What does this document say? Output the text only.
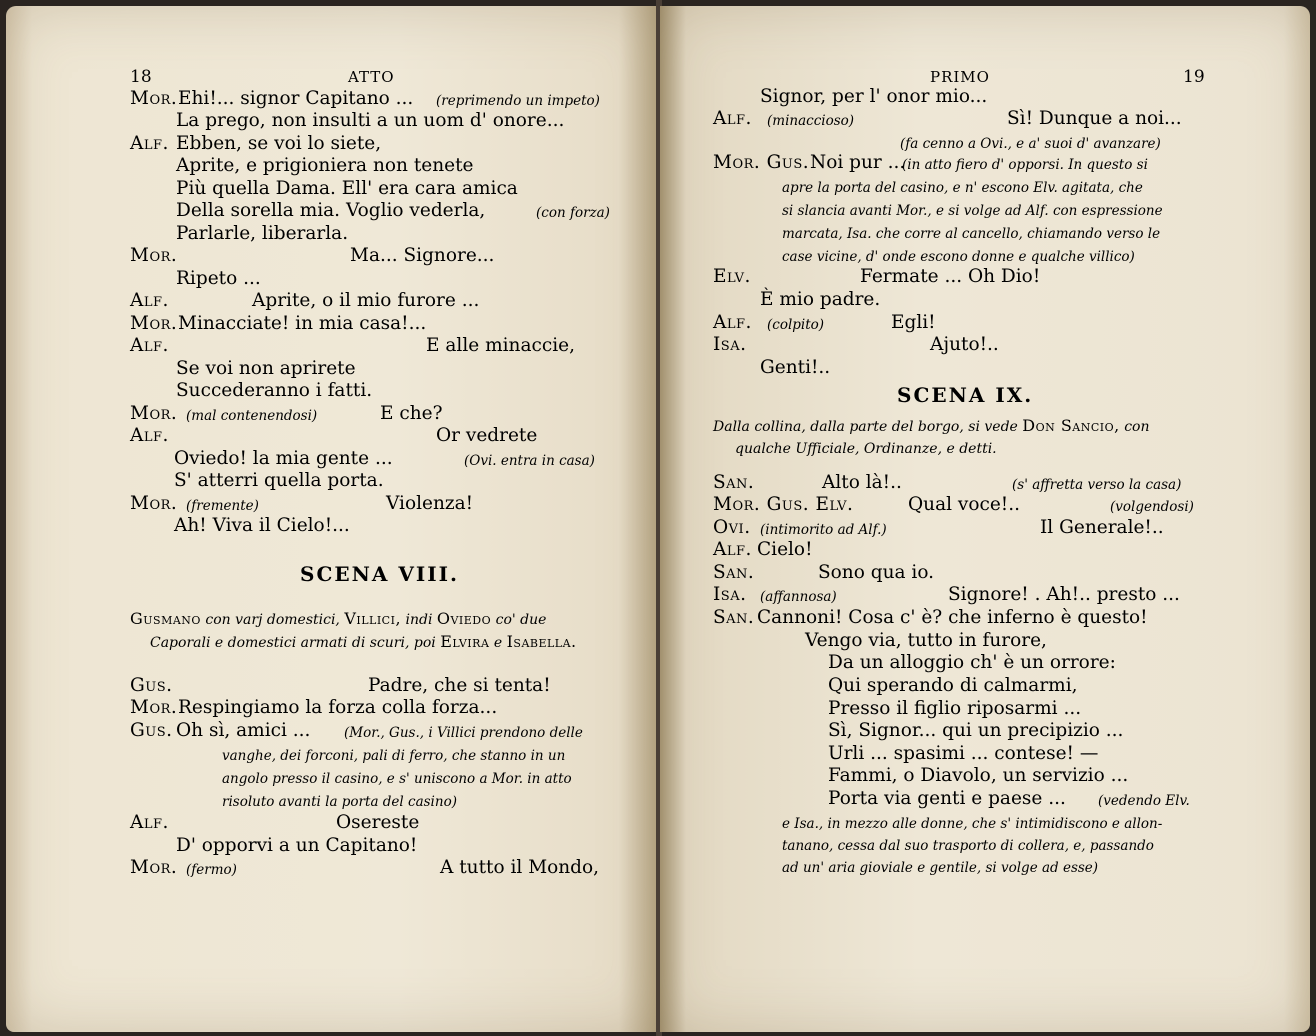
18	ATTO
SCENA VIII.
Gusmano con varj domestici, Villici, indi Oviedo co' due
Caporali e domestici armati di scuri, poi Elvira e Isabella.
PRIMO	19
SCENA IX.
Dalla collina, dalla parte del borgo, si vede Don Sancio, con
qualche Ufficiale, Ordinanze, e detti.
Mor. Ehi!... signor Capitano ... (reprimendo un impeto)
La prego, non insulti a un uom d' onore...
Alf. Ebben, se voi lo siete,
Aprite, e prigioniera non tenete
Più quella Dama. Ell' era cara amica
Della sorella mia. Voglio vederla,	(con forza)
Parlarle, liberarla.
Mor.	Ma... Signore...
Ripeto ...
Alf.	Aprite, o il mio furore ...
Mor. Minacciate! in mia casa!...
Alf.	E alle minaccie,
Se voi non aprirete
Succederanno i fatti.
Mor.	E che?
(mal contenendosi)
Alf.	Or vedrete
Oviedo! la mia gente ...	(Ovi. entra in casa)
S' atterri quella porta.
Mor.	Violenza!
(fremente)
Ah! Viva il Cielo!...
Gus.	Padre, che si tenta!
Mor. Respingiamo la forza colla forza...
Gus. Oh sì, amici ... (Mor., Gus., i Villici prendono delle
vanghe, dei forconi, pali di ferro, che stanno in un
angolo presso il casino, e s' uniscono a Mor. in atto
risoluto avanti la porta del casino)
Alf.	Osereste
D' opporvi a un Capitano!
Mor.	A tutto il Mondo,
(fermo)
Signor, per l' onor mio...
Alf.	Sì! Dunque a noi...
(minaccioso)
(fa cenno a Ovi., e a' suoi d' avanzare)
Mor. Gus. Noi pur ...
(in atto fiero d' opporsi. In questo si
apre la porta del casino, e n' escono Elv. agitata, che
si slancia avanti Mor., e si volge ad Alf. con espressione
marcata, Isa. che corre al cancello, chiamando verso le
case vicine, d' onde escono donne e qualche villico)
Elv.	Fermate ... Oh Dio!
È mio padre.
Alf.	Egli!
(colpito)
Isa.	Ajuto!..
Genti!..
San.	Alto là!..	(s' affretta verso la casa)
Mor. Gus. Elv.	Qual voce!..	(volgendosi)
Ovi.	Il Generale!..
(intimorito ad Alf.)
Alf. Cielo!
San.	Sono qua io.
Isa.	Signore! . Ah!.. presto ...
(affannosa)
San. Cannoni! Cosa c' è? che inferno è questo!
Vengo via, tutto in furore,
Da un alloggio ch' è un orrore:
Qui sperando di calmarmi,
Presso il figlio riposarmi ...
Sì, Signor... qui un precipizio ...
Urli ... spasimi ... contese! —
Fammi, o Diavolo, un servizio ...
Porta via genti e paese ... (vedendo Elv.
e Isa., in mezzo alle donne, che s' intimidiscono e allon-
tanano, cessa dal suo trasporto di collera, e, passando
ad un' aria gioviale e gentile, si volge ad esse)
